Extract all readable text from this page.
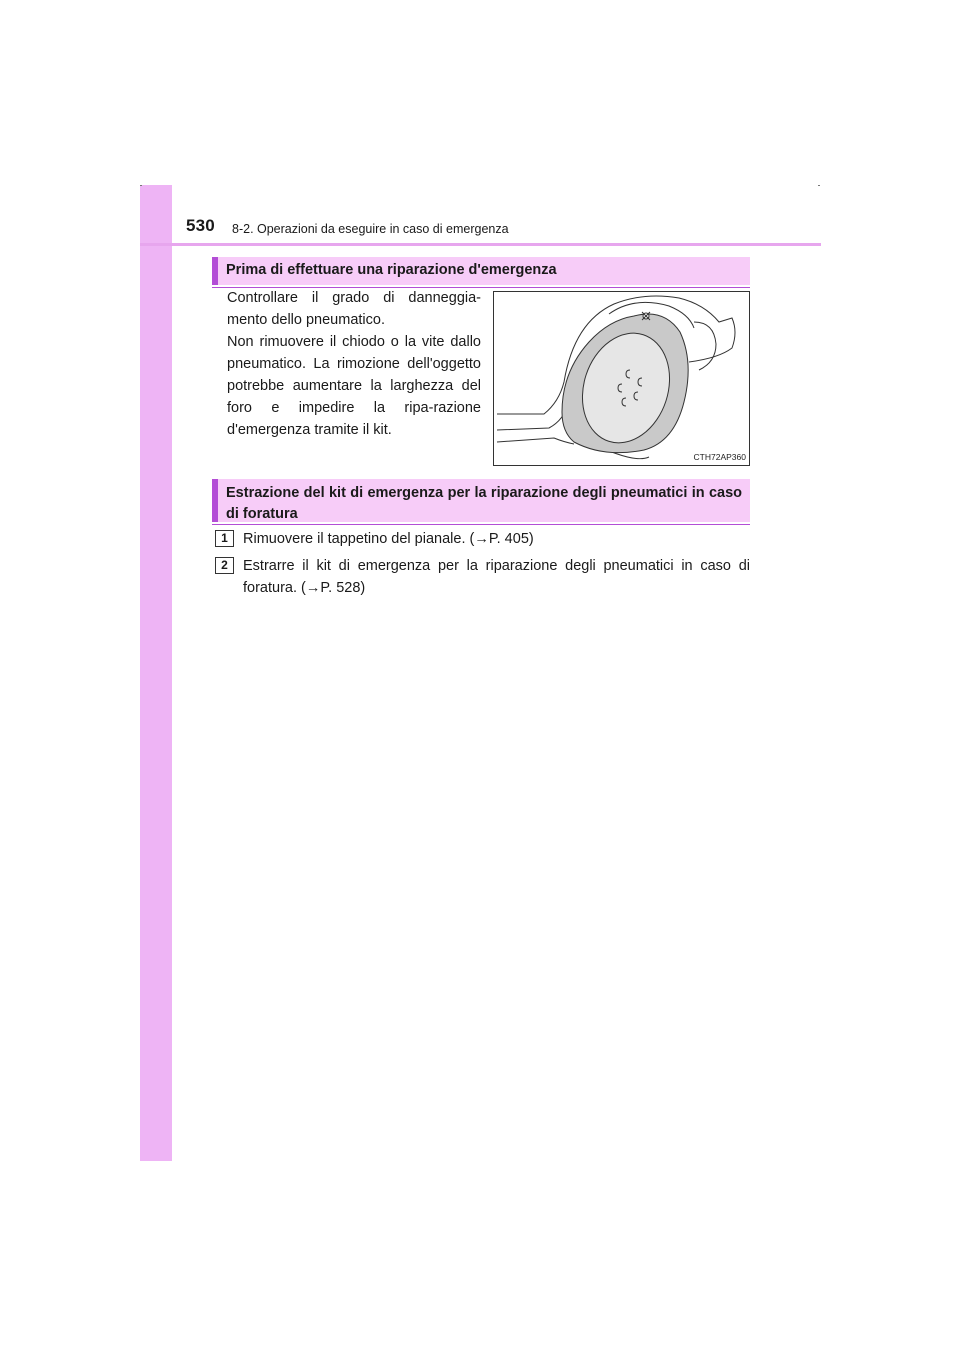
530 8-2. Operazioni da eseguire in caso di emergenza
Prima di effettuare una riparazione d'emergenza
Controllare il grado di danneggia-mento dello pneumatico.
Non rimuovere il chiodo o la vite dallo pneumatico. La rimozione dell'oggetto potrebbe aumentare la larghezza del foro e impedire la ripa-razione d'emergenza tramite il kit.
CTH72AP360
Estrazione del kit di emergenza per la riparazione degli pneumatici in caso di foratura
1	Rimuovere il tappetino del pianale. (→P. 405)
2	Estrarre il kit di emergenza per la riparazione degli pneumatici in caso di foratura. (→P. 528)
